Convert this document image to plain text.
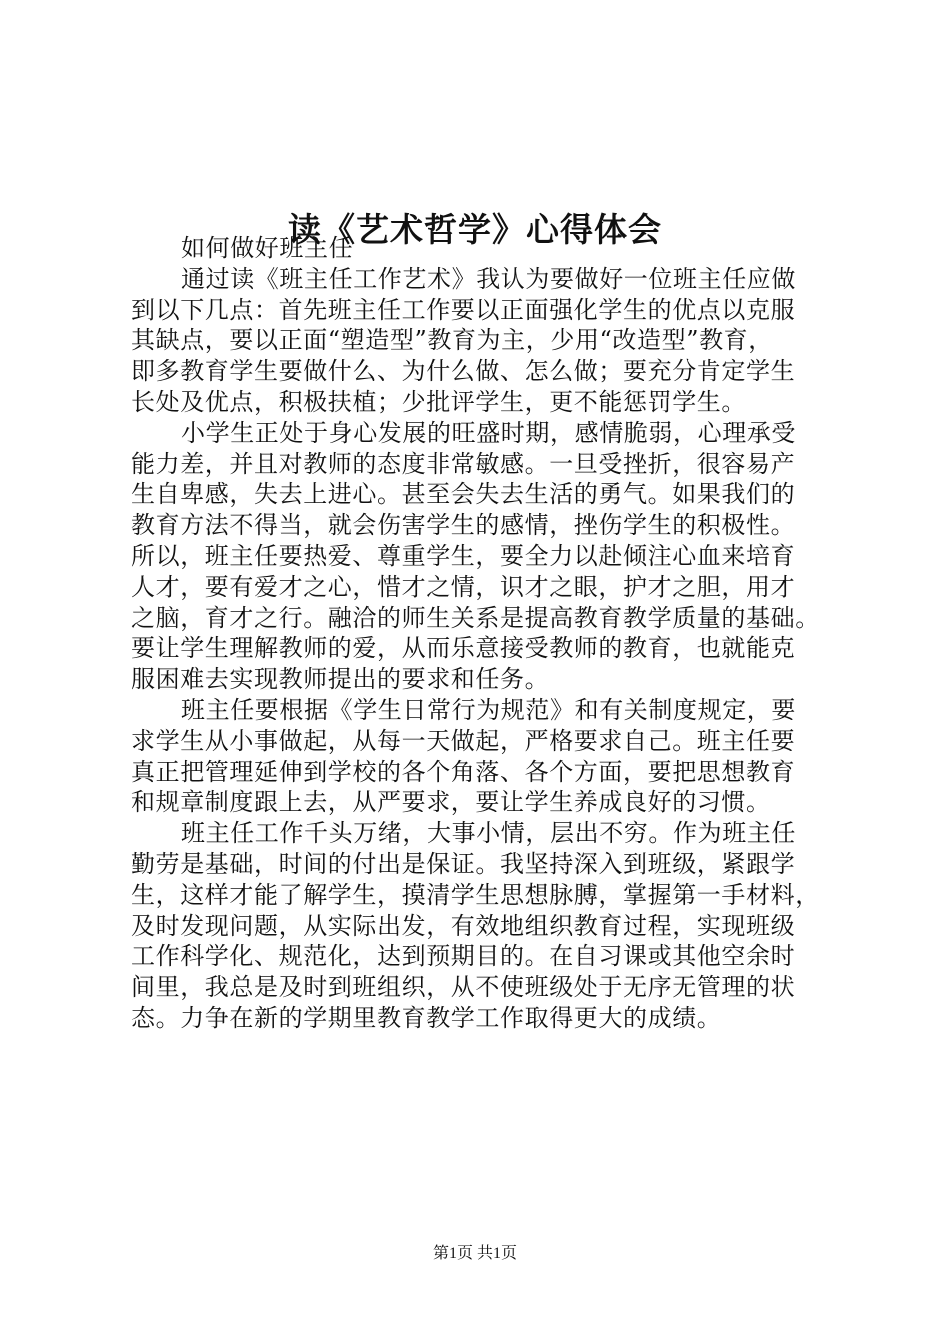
读《艺术哲学》心得体会

如何做好班主任

通过读《班主任工作艺术》我认为要做好一位班主任应做

到以下几点：首先班主任工作要以正面强化学生的优点以克服

其缺点，要以正面“塑造型”教育为主，少用“改造型”教育，

即多教育学生要做什么、为什么做、怎么做；要充分肯定学生

长处及优点，积极扶植；少批评学生，更不能惩罚学生。

小学生正处于身心发展的旺盛时期，感情脆弱，心理承受

能力差，并且对教师的态度非常敏感。一旦受挫折，很容易产

生自卑感，失去上进心。甚至会失去生活的勇气。如果我们的

教育方法不得当，就会伤害学生的感情，挫伤学生的积极性。

所以，班主任要热爱、尊重学生，要全力以赴倾注心血来培育

人才，要有爱才之心，惜才之情，识才之眼，护才之胆，用才

之脑，育才之行。融洽的师生关系是提高教育教学质量的基础。

要让学生理解教师的爱，从而乐意接受教师的教育，也就能克

服困难去实现教师提出的要求和任务。

班主任要根据《学生日常行为规范》和有关制度规定，要

求学生从小事做起，从每一天做起，严格要求自己。班主任要

真正把管理延伸到学校的各个角落、各个方面，要把思想教育

和规章制度跟上去，从严要求，要让学生养成良好的习惯。

班主任工作千头万绪，大事小情，层出不穷。作为班主任

勤劳是基础，时间的付出是保证。我坚持深入到班级，紧跟学

生，这样才能了解学生，摸清学生思想脉膊，掌握第一手材料，

及时发现问题，从实际出发，有效地组织教育过程，实现班级

工作科学化、规范化，达到预期目的。在自习课或其他空余时

间里，我总是及时到班组织，从不使班级处于无序无管理的状

态。力争在新的学期里教育教学工作取得更大的成绩。

第1页 共1页
